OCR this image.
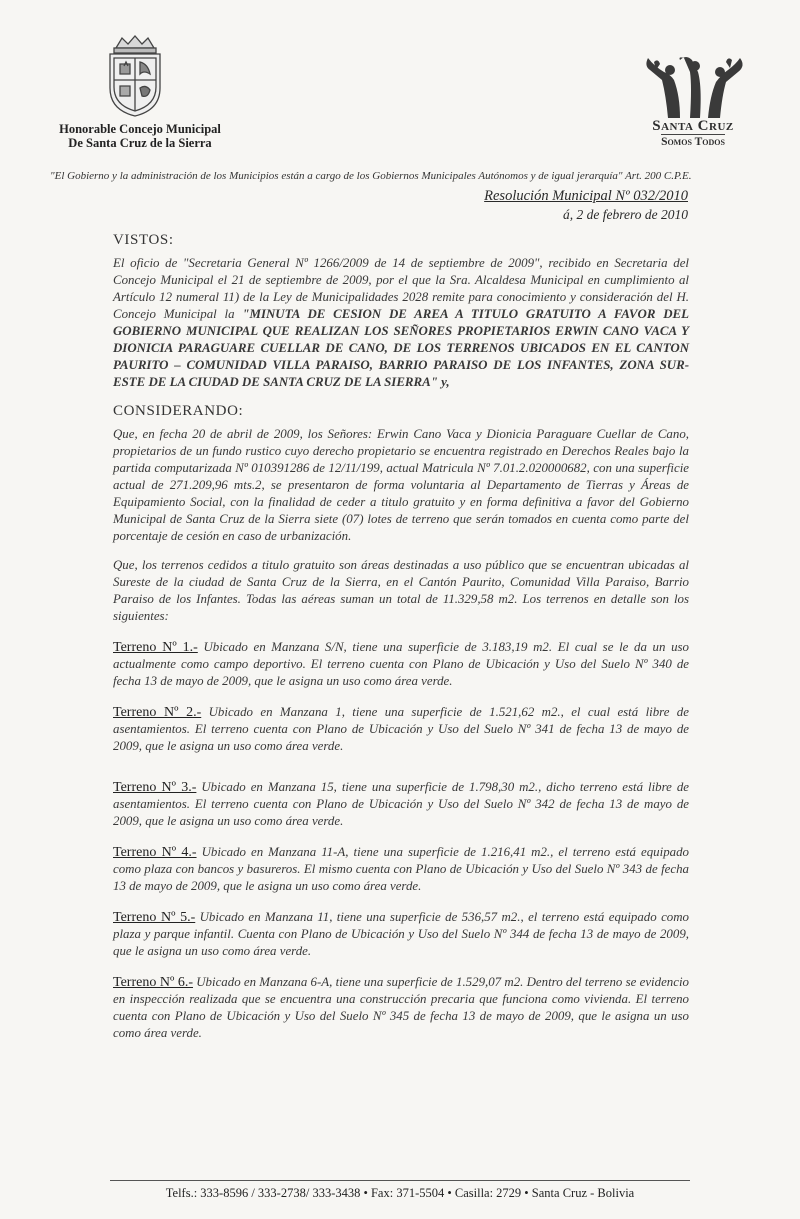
Honorable Concejo Municipal
De Santa Cruz de la Sierra
Santa Cruz
Somos Todos
"El Gobierno y la administración de los Municipios están a cargo de los Gobiernos Municipales Autónomos y de igual jerarquía" Art. 200 C.P.E.
Resolución Municipal Nº 032/2010
á, 2 de febrero de 2010
VISTOS:

El oficio de "Secretaria General Nº 1266/2009 de 14 de septiembre de 2009", recibido en Secretaria del Concejo Municipal el 21 de septiembre de 2009, por el que la Sra. Alcaldesa Municipal en cumplimiento al Artículo 12 numeral 11) de la Ley de Municipalidades 2028 remite para conocimiento y consideración del H. Concejo Municipal la "MINUTA DE CESION DE AREA A TITULO GRATUITO A FAVOR DEL GOBIERNO MUNICIPAL QUE REALIZAN LOS SEÑORES PROPIETARIOS ERWIN CANO VACA Y DIONICIA PARAGUARE CUELLAR DE CANO, DE LOS TERRENOS UBICADOS EN EL CANTON PAURITO – COMUNIDAD VILLA PARAISO, BARRIO PARAISO DE LOS INFANTES, ZONA SUR-ESTE DE LA CIUDAD DE SANTA CRUZ DE LA SIERRA" y,

CONSIDERANDO:

Que, en fecha 20 de abril de 2009, los Señores: Erwin Cano Vaca y Dionicia Paraguare Cuellar de Cano, propietarios de un fundo rustico cuyo derecho propietario se encuentra registrado en Derechos Reales bajo la partida computarizada Nº 010391286 de 12/11/199, actual Matricula Nº 7.01.2.020000682, con una superficie actual de 271.209,96 mts.2, se presentaron de forma voluntaria al Departamento de Tierras y Áreas de Equipamiento Social, con la finalidad de ceder a titulo gratuito y en forma definitiva a favor del Gobierno Municipal de Santa Cruz de la Sierra siete (07) lotes de terreno que serán tomados en cuenta como parte del porcentaje de cesión en caso de urbanización.

Que, los terrenos cedidos a titulo gratuito son áreas destinadas a uso público que se encuentran ubicadas al Sureste de la ciudad de Santa Cruz de la Sierra, en el Cantón Paurito, Comunidad Villa Paraiso, Barrio Paraiso de los Infantes. Todas las aéreas suman un total de 11.329,58 m2. Los terrenos en detalle son los siguientes:

Terreno Nº 1.- Ubicado en Manzana S/N, tiene una superficie de 3.183,19 m2. El cual se le da un uso actualmente como campo deportivo. El terreno cuenta con Plano de Ubicación y Uso del Suelo Nº 340 de fecha 13 de mayo de 2009, que le asigna un uso como área verde.

Terreno Nº 2.- Ubicado en Manzana 1, tiene una superficie de 1.521,62 m2., el cual está libre de asentamientos. El terreno cuenta con Plano de Ubicación y Uso del Suelo Nº 341 de fecha 13 de mayo de 2009, que le asigna un uso como área verde.

Terreno Nº 3.- Ubicado en Manzana 15, tiene una superficie de 1.798,30 m2., dicho terreno está libre de asentamientos. El terreno cuenta con Plano de Ubicación y Uso del Suelo Nº 342 de fecha 13 de mayo de 2009, que le asigna un uso como área verde.

Terreno Nº 4.- Ubicado en Manzana 11-A, tiene una superficie de 1.216,41 m2., el terreno está equipado como plaza con bancos y basureros. El mismo cuenta con Plano de Ubicación y Uso del Suelo Nº 343 de fecha 13 de mayo de 2009, que le asigna un uso como área verde.

Terreno Nº 5.- Ubicado en Manzana 11, tiene una superficie de 536,57 m2., el terreno está equipado como plaza y parque infantil. Cuenta con Plano de Ubicación y Uso del Suelo Nº 344 de fecha 13 de mayo de 2009, que le asigna un uso como área verde.

Terreno Nº 6.- Ubicado en Manzana 6-A, tiene una superficie de 1.529,07 m2. Dentro del terreno se evidencio en inspección realizada que se encuentra una construcción precaria que funciona como vivienda. El terreno cuenta con Plano de Ubicación y Uso del Suelo Nº 345 de fecha 13 de mayo de 2009, que le asigna un uso como área verde.

Telfs.: 333-8596 / 333-2738/ 333-3438 • Fax: 371-5504 • Casilla: 2729 • Santa Cruz - Bolivia
